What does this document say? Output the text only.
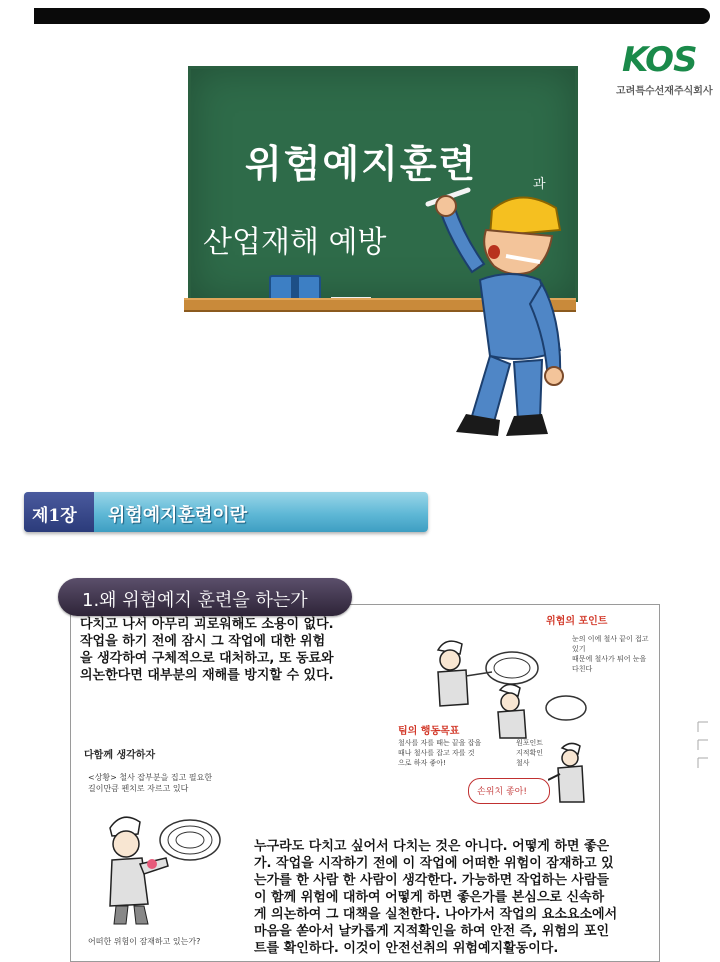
KOS
고려특수선재주식회사
위험예지훈련	과
산업재해 예방
제1장 위험예지훈련이란
1.왜 위험예지 훈련을 하는가
다치고 나서 아무리 괴로워해도 소용이 없다.
작업을 하기 전에 잠시 그 작업에 대한 위험
을 생각하여 구체적으로 대처하고, 또 동료와
의논한다면 대부분의 재해를 방지할 수 있다.
다함께 생각하자
<상황> 철사 잡부분을 집고 필요한
길이만큼 펜치로 자르고 있다
어떠한 위험이 잠재하고 있는가?
위험의 포인트
눈의 이에 철사 끝이 접고 있기
때문에 철사가 튀어 눈을
다친다
팀의 행동목표
철사를 자를 때는 끝을 잡을
때나 철사를 잡고 자를 것
으로 하자 좋아!
원포인트
지적확인
철사
손위치 좋아!
누구라도 다치고 싶어서 다치는 것은 아니다. 어떻게 하면 좋은
가. 작업을 시작하기 전에 이 작업에 어떠한 위험이 잠재하고 있
는가를 한 사람 한 사람이 생각한다. 가능하면 작업하는 사람들
이 함께 위험에 대하여 어떻게 하면 좋은가를 본심으로 신속하
게 의논하여 그 대책을 실천한다. 나아가서 작업의 요소요소에서
마음을 쏟아서 날카롭게 지적확인을 하여 안전 즉, 위험의 포인
트를 확인하다. 이것이 안전선취의 위험예지활동이다.
